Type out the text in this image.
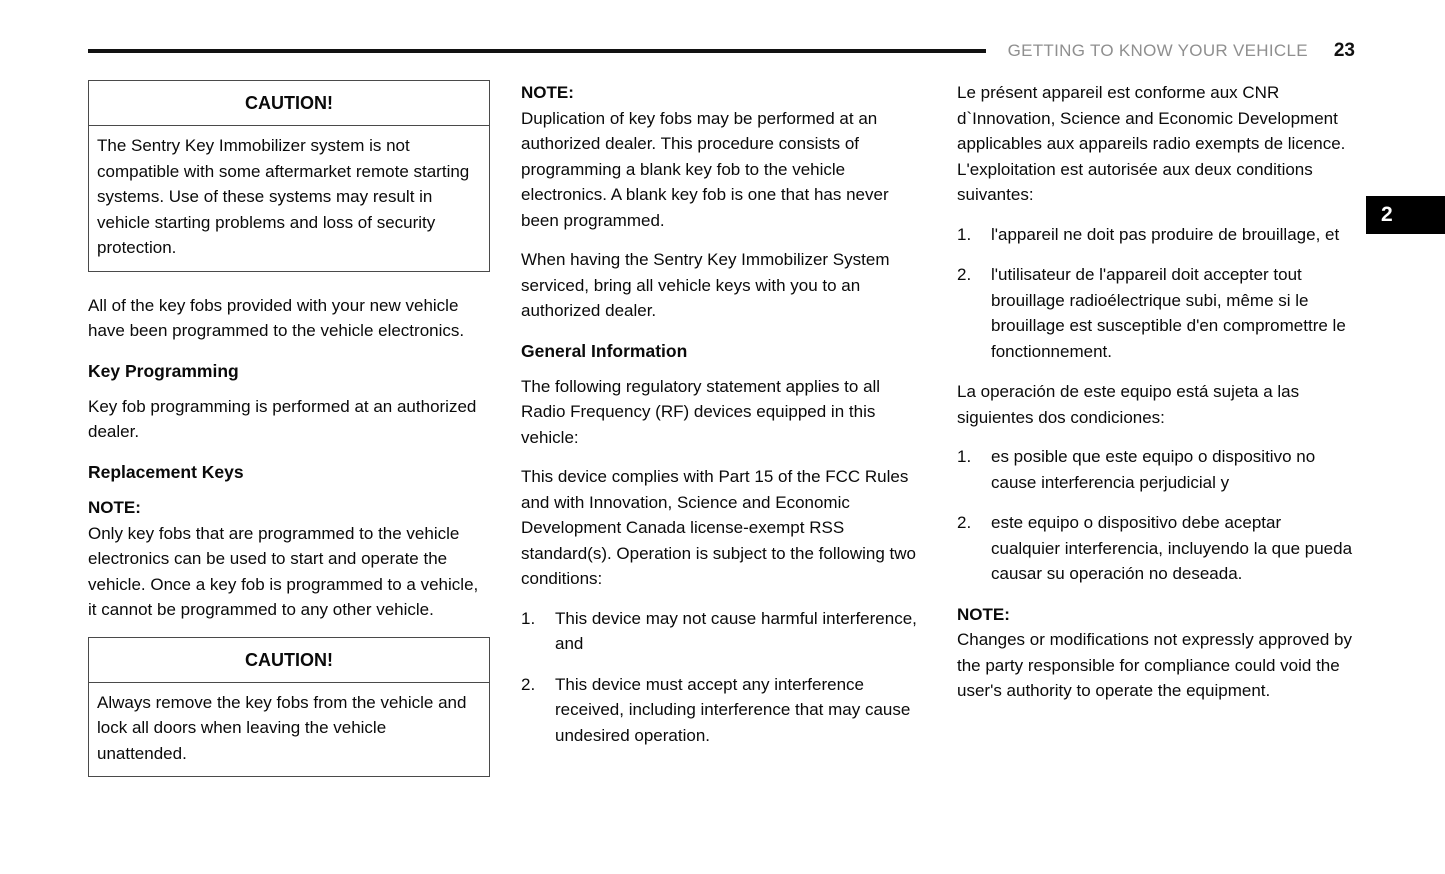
GETTING TO KNOW YOUR VEHICLE 23
2
CAUTION!
The Sentry Key Immobilizer system is not compatible with some aftermarket remote starting systems. Use of these systems may result in vehicle starting problems and loss of security protection.

All of the key fobs provided with your new vehicle have been programmed to the vehicle electronics.

Key Programming

Key fob programming is performed at an authorized dealer.

Replacement Keys
NOTE:

Only key fobs that are programmed to the vehicle electronics can be used to start and operate the vehicle. Once a key fob is programmed to a vehicle, it cannot be programmed to any other vehicle.

CAUTION!
Always remove the key fobs from the vehicle and lock all doors when leaving the vehicle unattended.
NOTE:

Duplication of key fobs may be performed at an authorized dealer. This procedure consists of programming a blank key fob to the vehicle electronics. A blank key fob is one that has never been programmed.

When having the Sentry Key Immobilizer System serviced, bring all vehicle keys with you to an authorized dealer.

General Information

The following regulatory statement applies to all Radio Frequency (RF) devices equipped in this vehicle:

This device complies with Part 15 of the FCC Rules and with Innovation, Science and Economic Development Canada license-exempt RSS standard(s). Operation is subject to the following two conditions:

1.	This device may not cause harmful interference, and
2.	This device must accept any interference received, including interference that may cause undesired operation.

Le présent appareil est conforme aux CNR d`Innovation, Science and Economic Development applicables aux appareils radio exempts de licence. L'exploitation est autorisée aux deux conditions suivantes:

1.	l'appareil ne doit pas produire de brouillage, et
2.	l'utilisateur de l'appareil doit accepter tout brouillage radioélectrique subi, même si le brouillage est susceptible d'en compromettre le fonctionnement.

La operación de este equipo está sujeta a las siguientes dos condiciones:

1.	es posible que este equipo o dispositivo no cause interferencia perjudicial y
2.	este equipo o dispositivo debe aceptar cualquier interferencia, incluyendo la que pueda causar su operación no deseada.
NOTE:

Changes or modifications not expressly approved by the party responsible for compliance could void the user's authority to operate the equipment.
